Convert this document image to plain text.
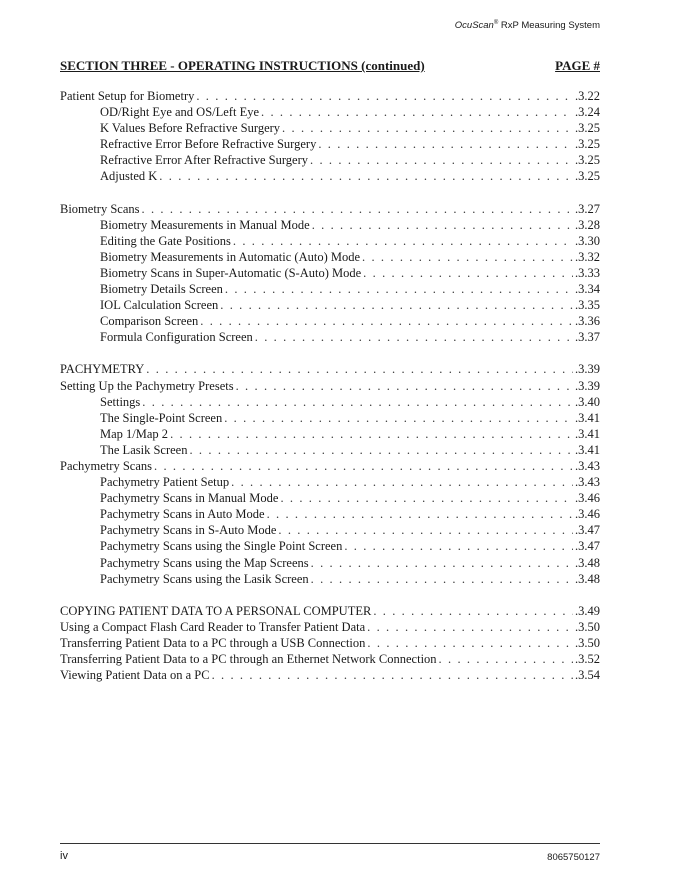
OcuScan® RxP Measuring System
SECTION THREE - OPERATING INSTRUCTIONS (continued)	PAGE #
Patient Setup for Biometry . . .	.3.22
OD/Right Eye and OS/Left Eye . . .	.3.24
K Values Before Refractive Surgery . . .	.3.25
Refractive Error Before Refractive Surgery . . .	.3.25
Refractive Error After Refractive Surgery . . .	.3.25
Adjusted K . . .	.3.25
Biometry Scans . . .	.3.27
Biometry Measurements in Manual Mode . . .	.3.28
Editing the Gate Positions . . .	.3.30
Biometry Measurements in Automatic (Auto) Mode . . .	.3.32
Biometry Scans in Super-Automatic (S-Auto) Mode . . .	.3.33
Biometry Details Screen . . .	.3.34
IOL Calculation Screen . . .	.3.35
Comparison Screen . . .	.3.36
Formula Configuration Screen . . .	.3.37
PACHYMETRY . . .	.3.39
Setting Up the Pachymetry Presets . . .	.3.39
Settings . . .	.3.40
The Single-Point Screen . . .	.3.41
Map 1/Map 2 . . .	.3.41
The Lasik Screen . . .	.3.41
Pachymetry Scans . . .	.3.43
Pachymetry Patient Setup . . .	.3.43
Pachymetry Scans in Manual Mode . . .	.3.46
Pachymetry Scans in Auto Mode . . .	.3.46
Pachymetry Scans in S-Auto Mode . . .	.3.47
Pachymetry Scans using the Single Point Screen . . .	.3.47
Pachymetry Scans using the Map Screens . . .	.3.48
Pachymetry Scans using the Lasik Screen . . .	.3.48
COPYING PATIENT DATA TO A PERSONAL COMPUTER . . .	.3.49
Using a Compact Flash Card Reader to Transfer Patient Data . . .	.3.50
Transferring Patient Data to a PC through a USB Connection . . .	.3.50
Transferring Patient Data to a PC through an Ethernet Network Connection . . .	.3.52
Viewing Patient Data on a PC . . .	.3.54
iv	8065750127
